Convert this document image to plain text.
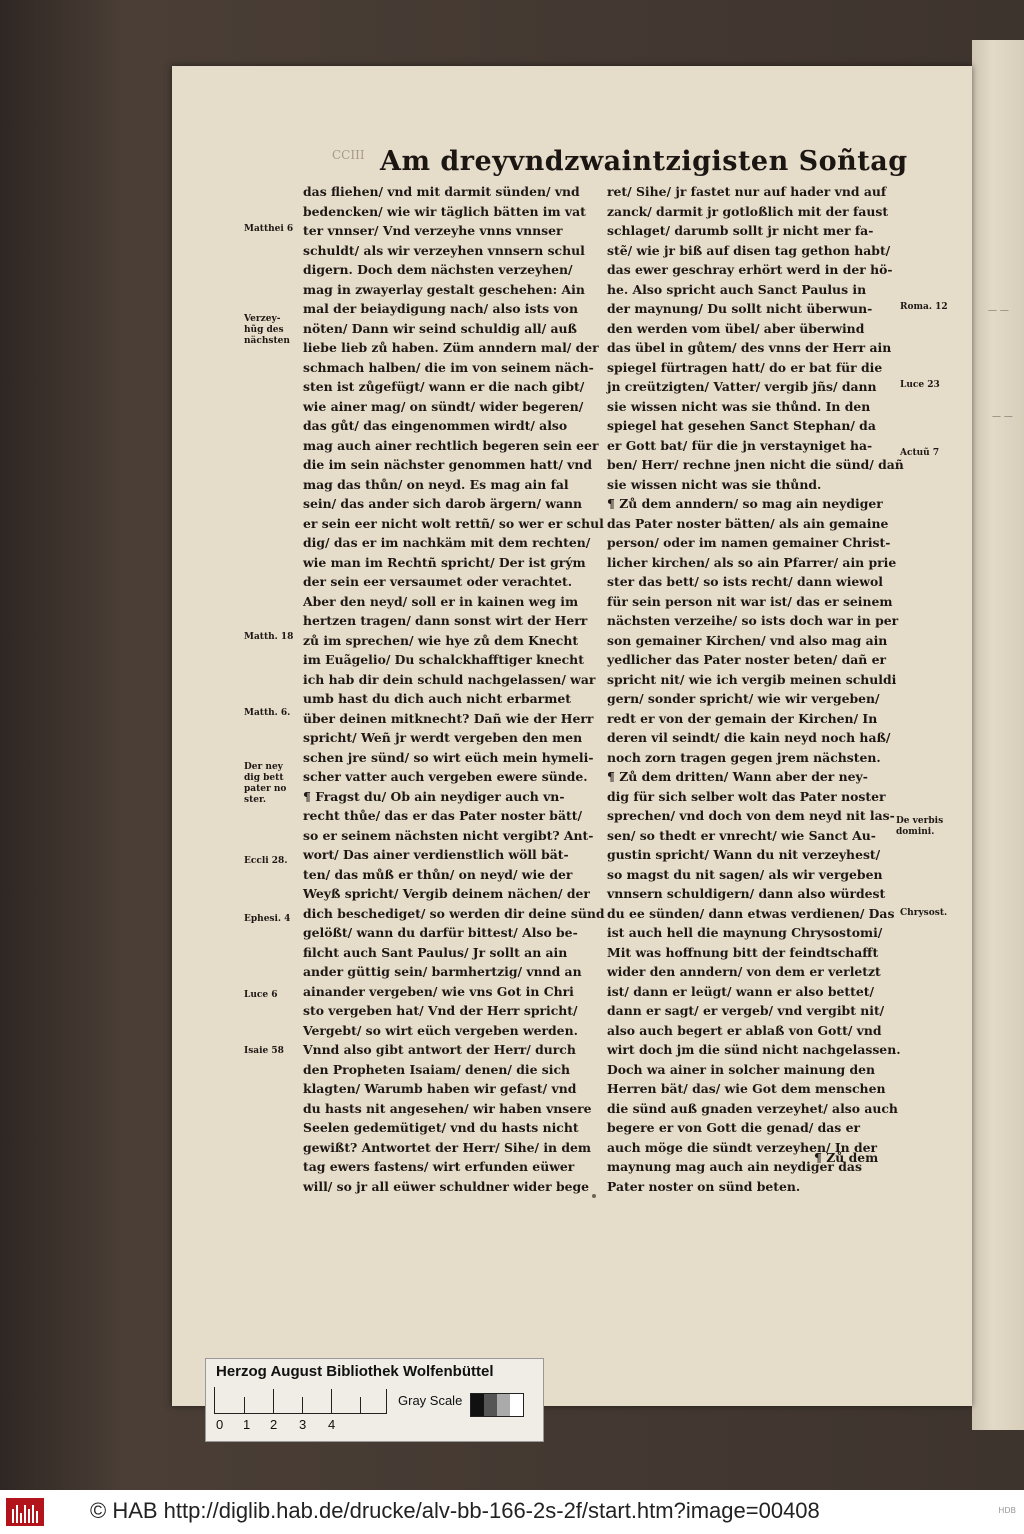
— —
— —
CCIII Am dreyvndzwaintzigisten Soñtag
das fliehen/ vnd mit darmit sünden/ vnd
bedencken/ wie wir täglich bätten im vat
ter vnnser/ Vnd verzeyhe vnns vnnser
schuldt/ als wir verzeyhen vnnsern schul
digern. Doch dem nächsten verzeyhen/
mag in zwayerlay gestalt geschehen: Ain
mal der beiaydigung nach/ also ists von
nöten/ Dann wir seind schuldig all/ auß
liebe lieb zů haben. Züm anndern mal/ der
schmach halben/ die im von seinem näch-
sten ist zůgefügt/ wann er die nach gibt/
wie ainer mag/ on sündt/ wider begeren/
das gůt/ das eingenommen wirdt/ also
mag auch ainer rechtlich begeren sein eer
die im sein nächster genommen hatt/ vnd
mag das thůn/ on neyd. Es mag ain fal
sein/ das ander sich darob ärgern/ wann
er sein eer nicht wolt rettñ/ so wer er schul
dig/ das er im nachkäm mit dem rechten/
wie man im Rechtñ spricht/ Der ist grým
der sein eer versaumet oder verachtet.
Aber den neyd/ soll er in kainen weg im
hertzen tragen/ dann sonst wirt der Herr
zů im sprechen/ wie hye zů dem Knecht
im Euãgelio/ Du schalckhafftiger knecht
ich hab dir dein schuld nachgelassen/ war
umb hast du dich auch nicht erbarmet
über deinen mitknecht? Dañ wie der Herr
spricht/ Weñ jr werdt vergeben den men
schen jre sünd/ so wirt eüch mein hymeli-
scher vatter auch vergeben ewere sünde.
¶ Fragst du/ Ob ain neydiger auch vn-
recht thůe/ das er das Pater noster bätt/
so er seinem nächsten nicht vergibt? Ant-
wort/ Das ainer verdienstlich wöll bät-
ten/ das můß er thůn/ on neyd/ wie der
Weyß spricht/ Vergib deinem nächen/ der
dich beschediget/ so werden dir deine sünd
gelößt/ wann du darfür bittest/ Also be-
filcht auch Sant Paulus/ Jr sollt an ain
ander güttig sein/ barmhertzig/ vnnd an
ainander vergeben/ wie vns Got in Chri
sto vergeben hat/ Vnd der Herr spricht/
Vergebt/ so wirt eüch vergeben werden.
Vnnd also gibt antwort der Herr/ durch
den Propheten Isaiam/ denen/ die sich
klagten/ Warumb haben wir gefast/ vnd
du hasts nit angesehen/ wir haben vnsere
Seelen gedemütiget/ vnd du hasts nicht
gewißt? Antwortet der Herr/ Sihe/ in dem
tag ewers fastens/ wirt erfunden eüwer
will/ so jr all eüwer schuldner wider bege
ret/ Sihe/ jr fastet nur auf hader vnd auf
zanck/ darmit jr gotloßlich mit der faust
schlaget/ darumb sollt jr nicht mer fa-
stẽ/ wie jr biß auf disen tag gethon habt/
das ewer geschray erhört werd in der hö-
he. Also spricht auch Sanct Paulus in
der maynung/ Du sollt nicht überwun-
den werden vom übel/ aber überwind
das übel in gůtem/ des vnns der Herr ain
spiegel fürtragen hatt/ do er bat für die
jn creützigten/ Vatter/ vergib jñs/ dann
sie wissen nicht was sie thůnd. In den
spiegel hat gesehen Sanct Stephan/ da
er Gott bat/ für die jn verstayniget ha-
ben/ Herr/ rechne jnen nicht die sünd/ dañ
sie wissen nicht was sie thůnd.
¶ Zů dem anndern/ so mag ain neydiger
das Pater noster bätten/ als ain gemaine
person/ oder im namen gemainer Christ-
licher kirchen/ als so ain Pfarrer/ ain prie
ster das bett/ so ists recht/ dann wiewol
für sein person nit war ist/ das er seinem
nächsten verzeihe/ so ists doch war in per
son gemainer Kirchen/ vnd also mag ain
yedlicher das Pater noster beten/ dañ er
spricht nit/ wie ich vergib meinen schuldi
gern/ sonder spricht/ wie wir vergeben/
redt er von der gemain der Kirchen/ In
deren vil seindt/ die kain neyd noch haß/
noch zorn tragen gegen jrem nächsten.
¶ Zů dem dritten/ Wann aber der ney-
dig für sich selber wolt das Pater noster
sprechen/ vnd doch von dem neyd nit las-
sen/ so thedt er vnrecht/ wie Sanct Au-
gustin spricht/ Wann du nit verzeyhest/
so magst du nit sagen/ als wir vergeben
vnnsern schuldigern/ dann also würdest
du ee sünden/ dann etwas verdienen/ Das
ist auch hell die maynung Chrysostomi/
Mit was hoffnung bitt der feindtschafft
wider den anndern/ von dem er verletzt
ist/ dann er leügt/ wann er also bettet/
dann er sagt/ er vergeb/ vnd vergibt nit/
also auch begert er ablaß von Gott/ vnd
wirt doch jm die sünd nicht nachgelassen.
Doch wa ainer in solcher mainung den
Herren bät/ das/ wie Got dem menschen
die sünd auß gnaden verzeyhet/ also auch
begere er von Gott die genad/ das er
auch möge die sündt verzeyhen/ In der
maynung mag auch ain neydiger das
Pater noster on sünd beten.
Matthei 6
Verzey-
hũg des
nächsten
Matth. 18
Matth. 6.
Der ney
dig bett
pater no
ster.
Eccli 28.
Ephesi. 4
Luce 6
Isaie 58
Roma. 12
Luce 23
Actuũ 7
De verbis
domini.
Chrysost.
¶ Zů dem
Herzog August Bibliothek Wolfenbüttel
0 1 2 3 4
Gray Scale
© HAB http://diglib.hab.de/drucke/alv-bb-166-2s-2f/start.htm?image=00408	HDB
